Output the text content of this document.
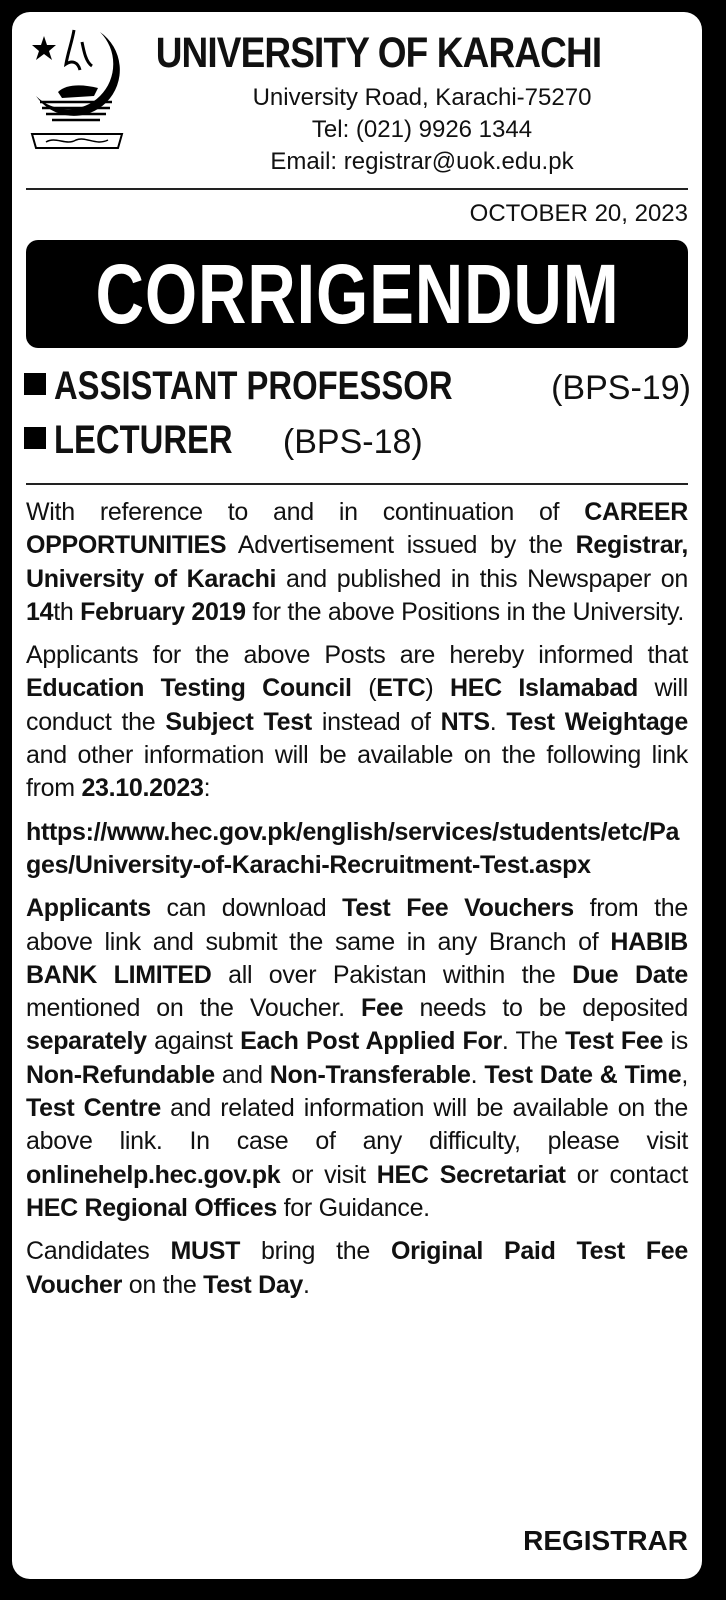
UNIVERSITY OF KARACHI
University Road, Karachi-75270
Tel: (021) 9926 1344
Email: registrar@uok.edu.pk
OCTOBER 20, 2023
CORRIGENDUM
ASSISTANT PROFESSOR	(BPS-19)
LECTURER (BPS-18)

With reference to and in continuation of CAREER OPPORTUNITIES Advertisement issued by the Registrar, University of Karachi and published in this Newspaper on 14th February 2019 for the above Positions in the University.

Applicants for the above Posts are hereby informed that Education Testing Council (ETC) HEC Islamabad will conduct the Subject Test instead of NTS. Test Weightage and other information will be available on the following link from 23.10.2023:

https://www.hec.gov.pk/english/services/students/etc/Pages/University-of-Karachi-Recruitment-Test.aspx

Applicants can download Test Fee Vouchers from the above link and submit the same in any Branch of HABIB BANK LIMITED all over Pakistan within the Due Date mentioned on the Voucher. Fee needs to be deposited separately against Each Post Applied For. The Test Fee is Non-Refundable and Non-Transferable. Test Date & Time, Test Centre and related information will be available on the above link. In case of any difficulty, please visit onlinehelp.hec.gov.pk or visit HEC Secretariat or contact HEC Regional Offices for Guidance.

Candidates MUST bring the Original Paid Test Fee Voucher on the Test Day.

REGISTRAR
